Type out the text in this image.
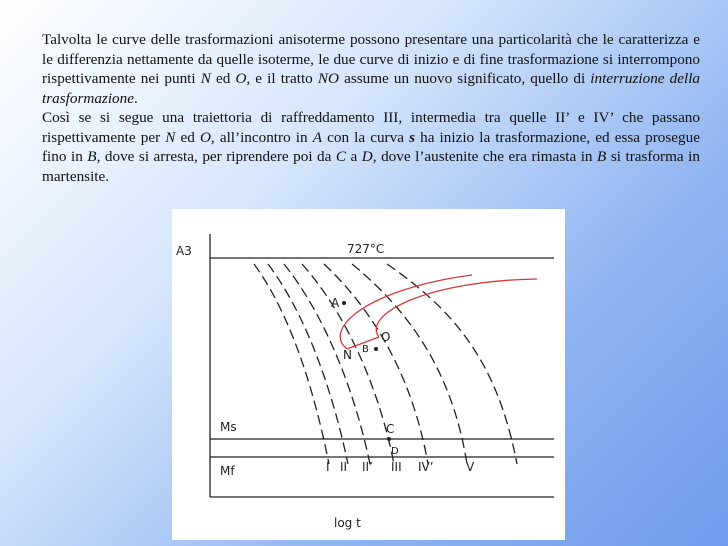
Talvolta le curve delle trasformazioni anisoterme possono presentare una particolarità che le caratterizza e le differenzia nettamente da quelle isoterme, le due curve di inizio e di fine trasformazione si interrompono rispettivamente nei punti N ed O, e il tratto NO assume un nuovo significato, quello di interruzione della trasformazione.

Così se si segue una traiettoria di raffreddamento III, intermedia tra quelle II’ e IV’ che passano rispettivamente per N ed O, all’incontro in A con la curva s ha inizio la trasformazione, ed essa prosegue fino in B, dove si arresta, per riprendere poi da C a D, dove l’austenite che era rimasta in B si trasforma in martensite.

A3	727°C
Ms
Mf
log t
A
B
N
O
C
D
I II II’ III IV’	V
